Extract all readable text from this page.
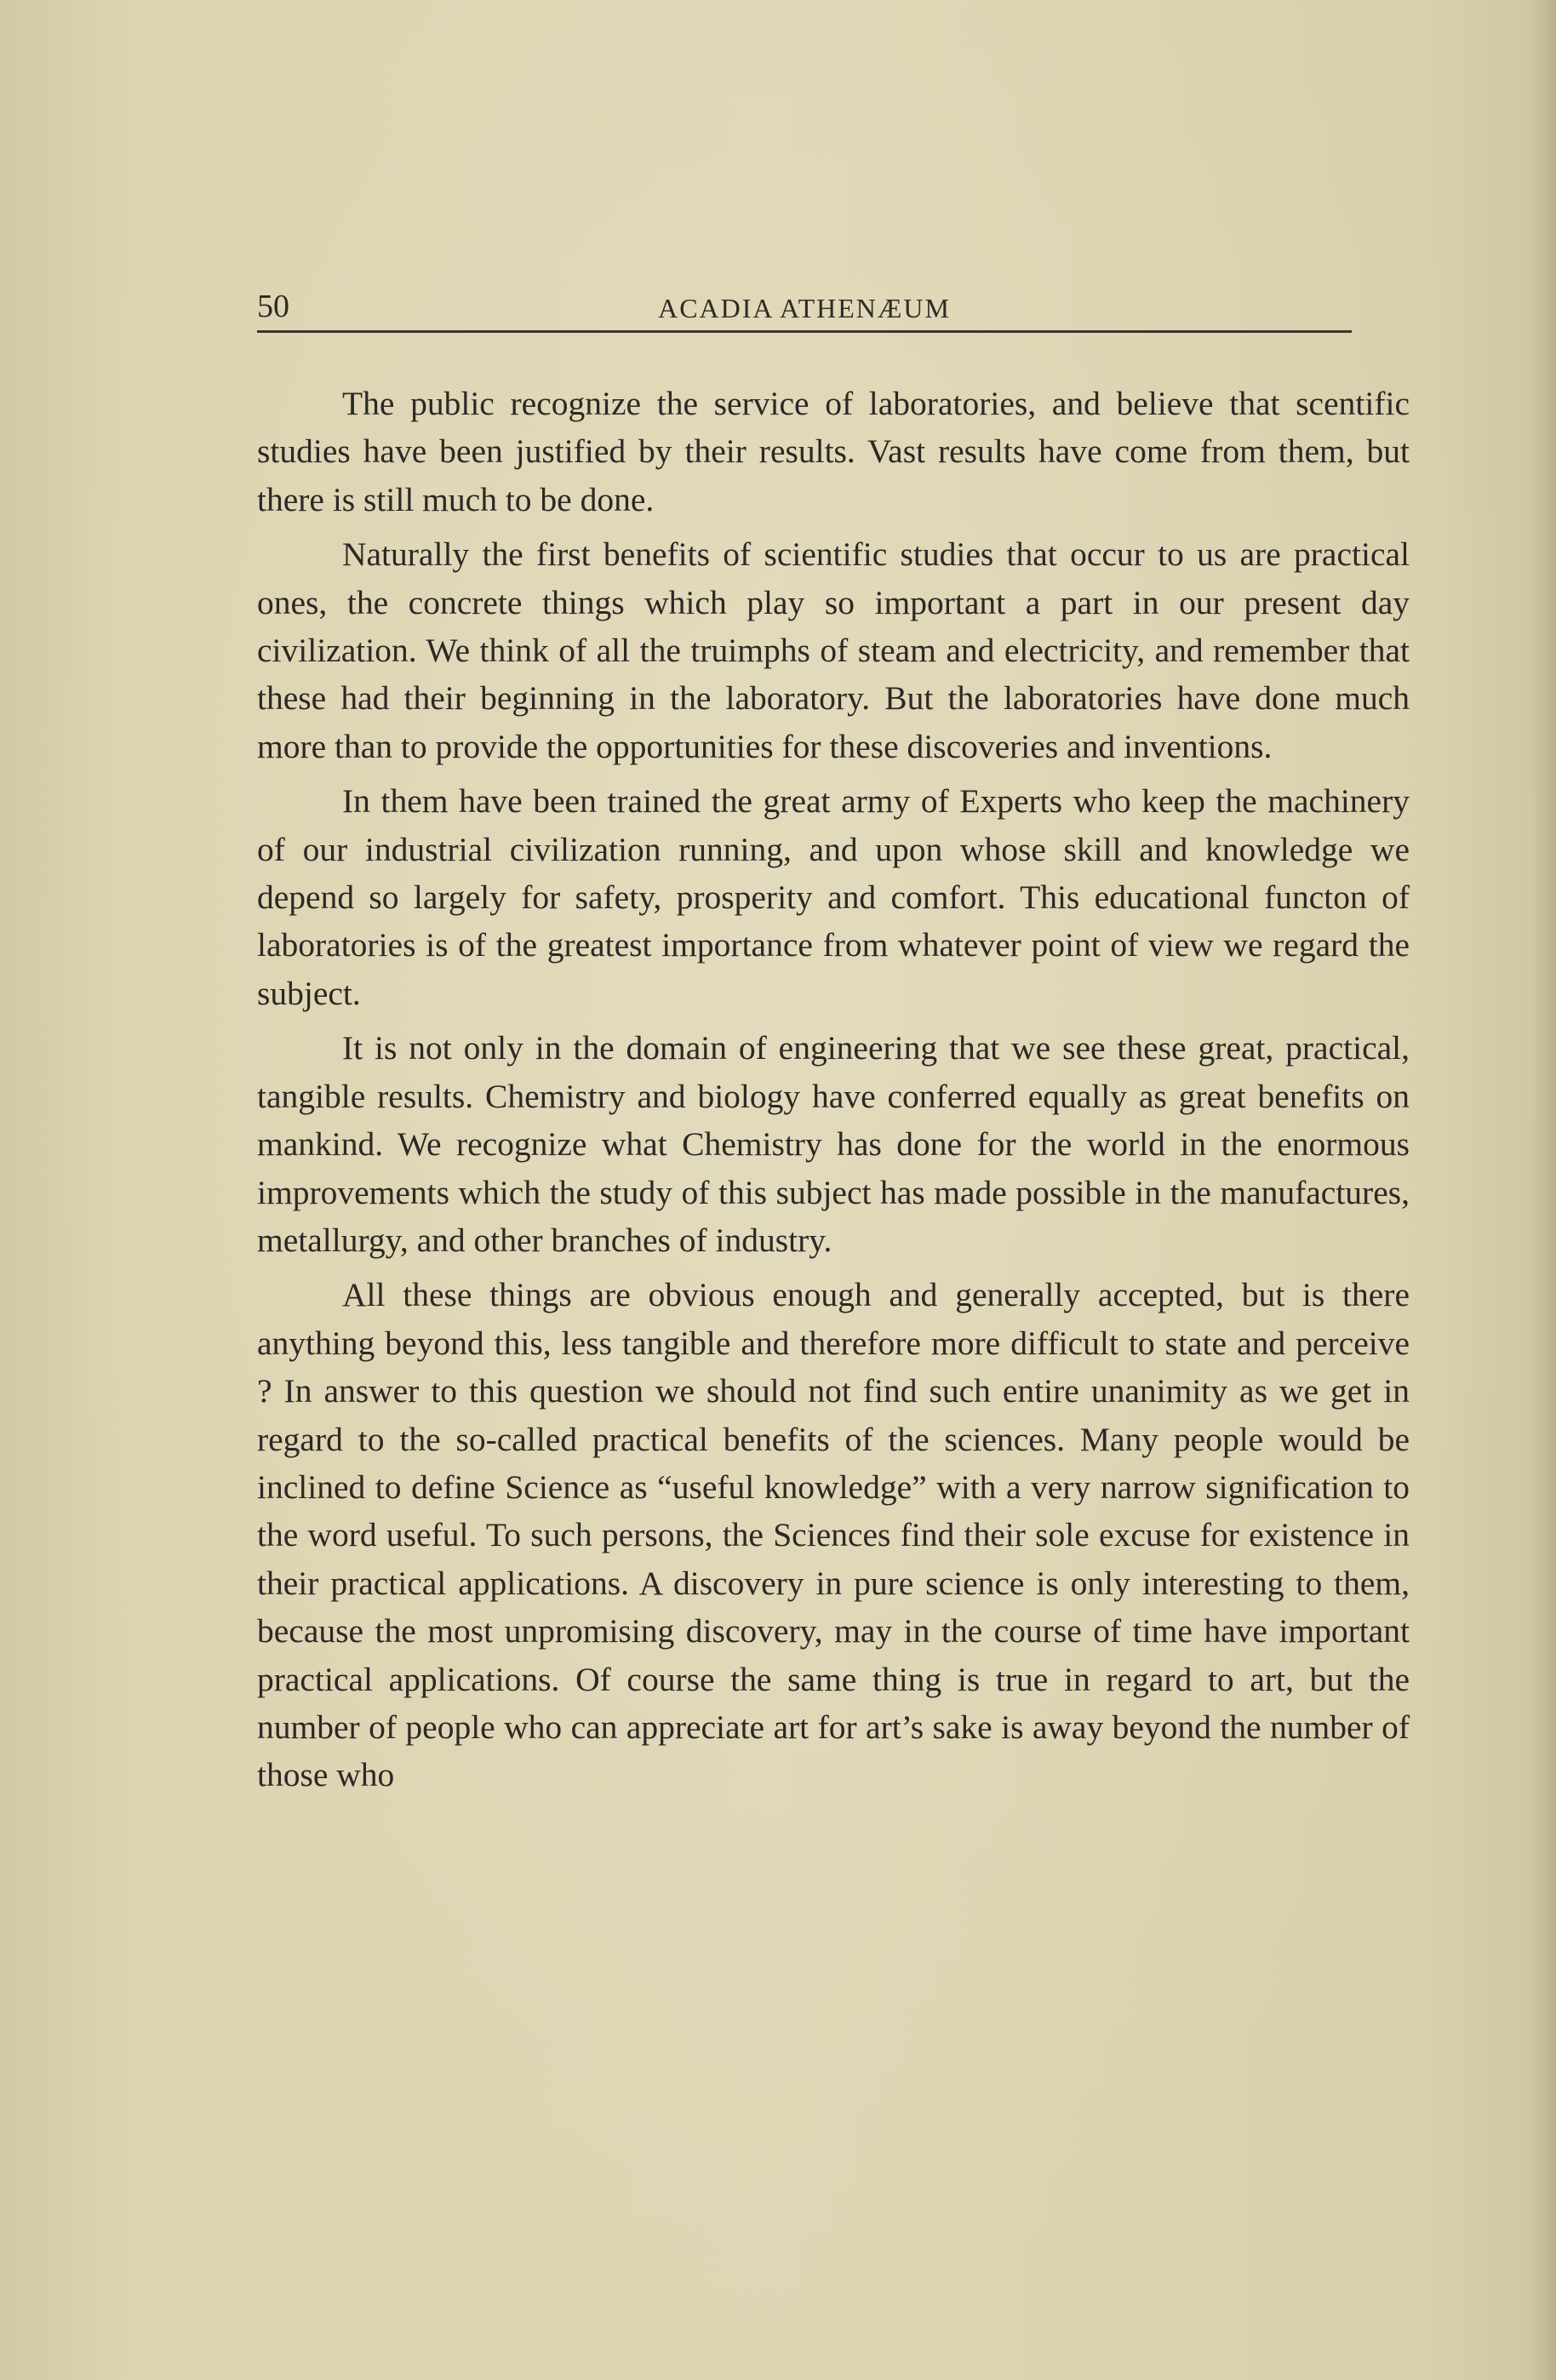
50	ACADIA ATHENÆUM

The public recognize the service of laboratories, and believe that scentific studies have been justified by their results. Vast results have come from them, but there is still much to be done.

Naturally the first benefits of scientific studies that occur to us are practical ones, the concrete things which play so important a part in our present day civilization. We think of all the truimphs of steam and electricity, and remember that these had their beginning in the laboratory. But the laboratories have done much more than to provide the opportunities for these discoveries and inventions.

In them have been trained the great army of Experts who keep the machinery of our industrial civilization running, and upon whose skill and knowledge we depend so largely for safety, prosperity and comfort. This educational functon of laboratories is of the greatest importance from whatever point of view we regard the subject.

It is not only in the domain of engineering that we see these great, practical, tangible results. Chemistry and biology have conferred equally as great benefits on mankind. We recognize what Chemistry has done for the world in the enormous improvements which the study of this subject has made possible in the manufactures, metallurgy, and other branches of industry.

All these things are obvious enough and generally accepted, but is there anything beyond this, less tangible and therefore more difficult to state and perceive ? In answer to this question we should not find such entire unanimity as we get in regard to the so-called practical benefits of the sciences. Many people would be inclined to define Science as “useful knowledge” with a very narrow signification to the word useful. To such persons, the Sciences find their sole excuse for existence in their practical applications. A discovery in pure science is only interesting to them, because the most unpromising discovery, may in the course of time have important practical applications. Of course the same thing is true in regard to art, but the number of people who can appreciate art for art’s sake is away beyond the number of those who
